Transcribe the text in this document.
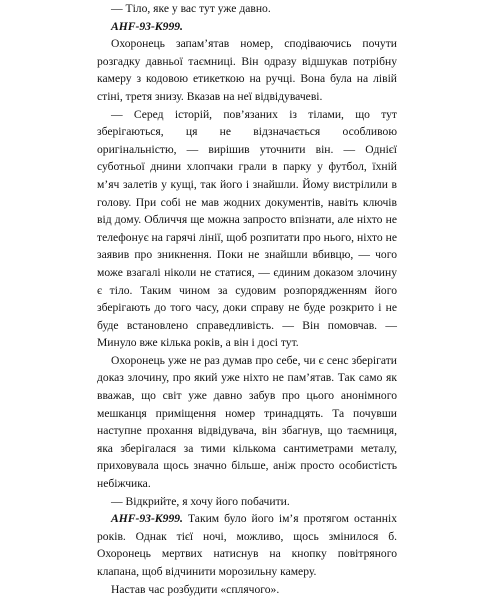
— Тіло, яке у вас тут уже давно.

АНF-93-К999.

Охоронець запам’ятав номер, сподіваючись почути розгадку давньої таємниці. Він одразу відшукав потрібну камеру з кодовою етикеткою на ручці. Вона була на лівій стіні, третя знизу. Вказав на неї відвідувачеві.

— Серед історій, пов’язаних із тілами, що тут зберігаються, ця не відзначається особливою оригінальністю, — вирішив уточнити він. — Однієї суботньої днини хлопчаки грали в парку у футбол, їхній м’яч залетів у кущі, так його і знайшли. Йому вистрілили в голову. При собі не мав жодних документів, навіть ключів від дому. Обличчя ще можна запросто впізнати, але ніхто не телефонує на гарячі лінії, щоб розпитати про нього, ніхто не заявив про зникнення. Поки не знайшли вбивцю, — чого може взагалі ніколи не статися, — єдиним доказом злочину є тіло. Таким чином за судовим розпорядженням його зберігають до того часу, доки справу не буде розкрито і не буде встановлено справедливість. — Він помовчав. — Минуло вже кілька років, а він і досі тут.

Охоронець уже не раз думав про себе, чи є сенс зберігати доказ злочину, про який уже ніхто не пам’ятав. Так само як вважав, що світ уже давно забув про цього анонімного мешканця приміщення номер тринадцять. Та почувши наступне прохання відвідувача, він збагнув, що таємниця, яка зберігалася за тими кількома сантиметрами металу, приховувала щось значно більше, аніж просто особистість небіжчика.

— Відкрийте, я хочу його побачити.

АНF-93-К999. Таким було його ім’я протягом останніх років. Однак тієї ночі, можливо, щось змінилося б. Охоронець мертвих натиснув на кнопку повітряного клапана, щоб відчинити морозильну камеру.

Настав час розбудити «сплячого».
